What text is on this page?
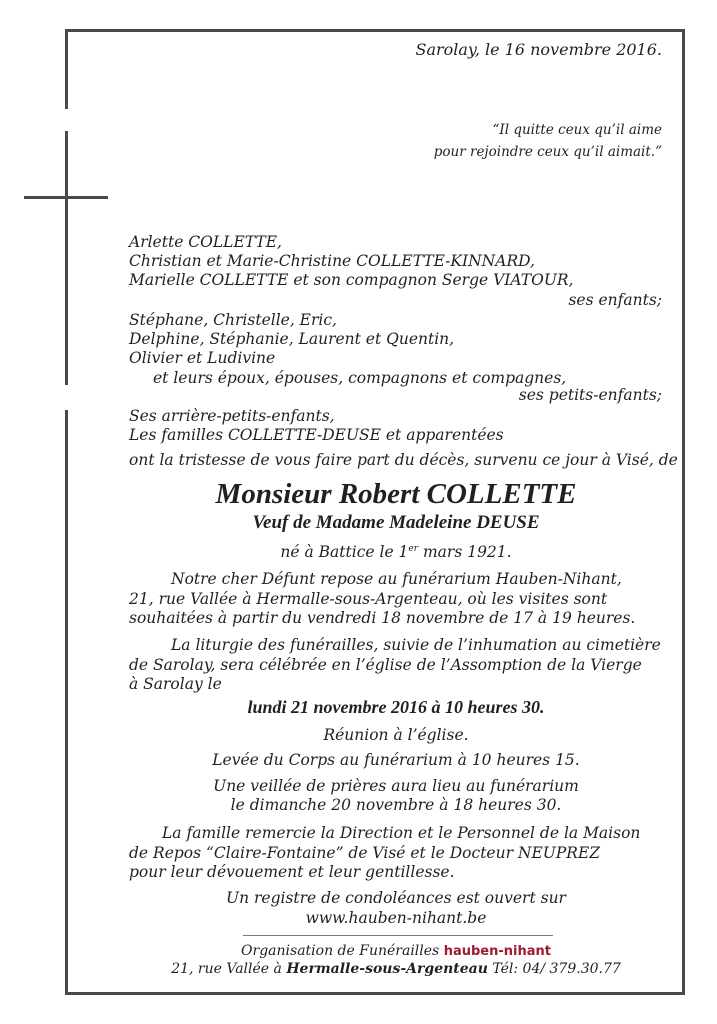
Sarolay, le 16 novembre 2016.
“Il quitte ceux qu’il aime
pour rejoindre ceux qu’il aimait.”
Arlette COLLETTE,
Christian et Marie-Christine COLLETTE-KINNARD,
Marielle COLLETTE et son compagnon Serge VIATOUR,
ses enfants;
Stéphane, Christelle, Eric,
Delphine, Stéphanie, Laurent et Quentin,
Olivier et Ludivine
et leurs époux, épouses, compagnons et compagnes,
ses petits-enfants;
Ses arrière-petits-enfants,
Les familles COLLETTE-DEUSE et apparentées
ont la tristesse de vous faire part du décès, survenu ce jour à Visé, de
Monsieur Robert COLLETTE
Veuf de Madame Madeleine DEUSE
né à Battice le 1er mars 1921.
Notre cher Défunt repose au funérarium Hauben-Nihant,
21, rue Vallée à Hermalle-sous-Argenteau, où les visites sont
souhaitées à partir du vendredi 18 novembre de 17 à 19 heures.
La liturgie des funérailles, suivie de l’inhumation au cimetière
de Sarolay, sera célébrée en l’église de l’Assomption de la Vierge
à Sarolay le
lundi 21 novembre 2016 à 10 heures 30.
Réunion à l’église.
Levée du Corps au funérarium à 10 heures 15.
Une veillée de prières aura lieu au funérarium
le dimanche 20 novembre à 18 heures 30.
La famille remercie la Direction et le Personnel de la Maison
de Repos “Claire-Fontaine” de Visé et le Docteur NEUPREZ
pour leur dévouement et leur gentillesse.
Un registre de condoléances est ouvert sur
www.hauben-nihant.be
Organisation de Funérailles hauben-nihant
21, rue Vallée à Hermalle-sous-Argenteau Tél: 04/ 379.30.77
